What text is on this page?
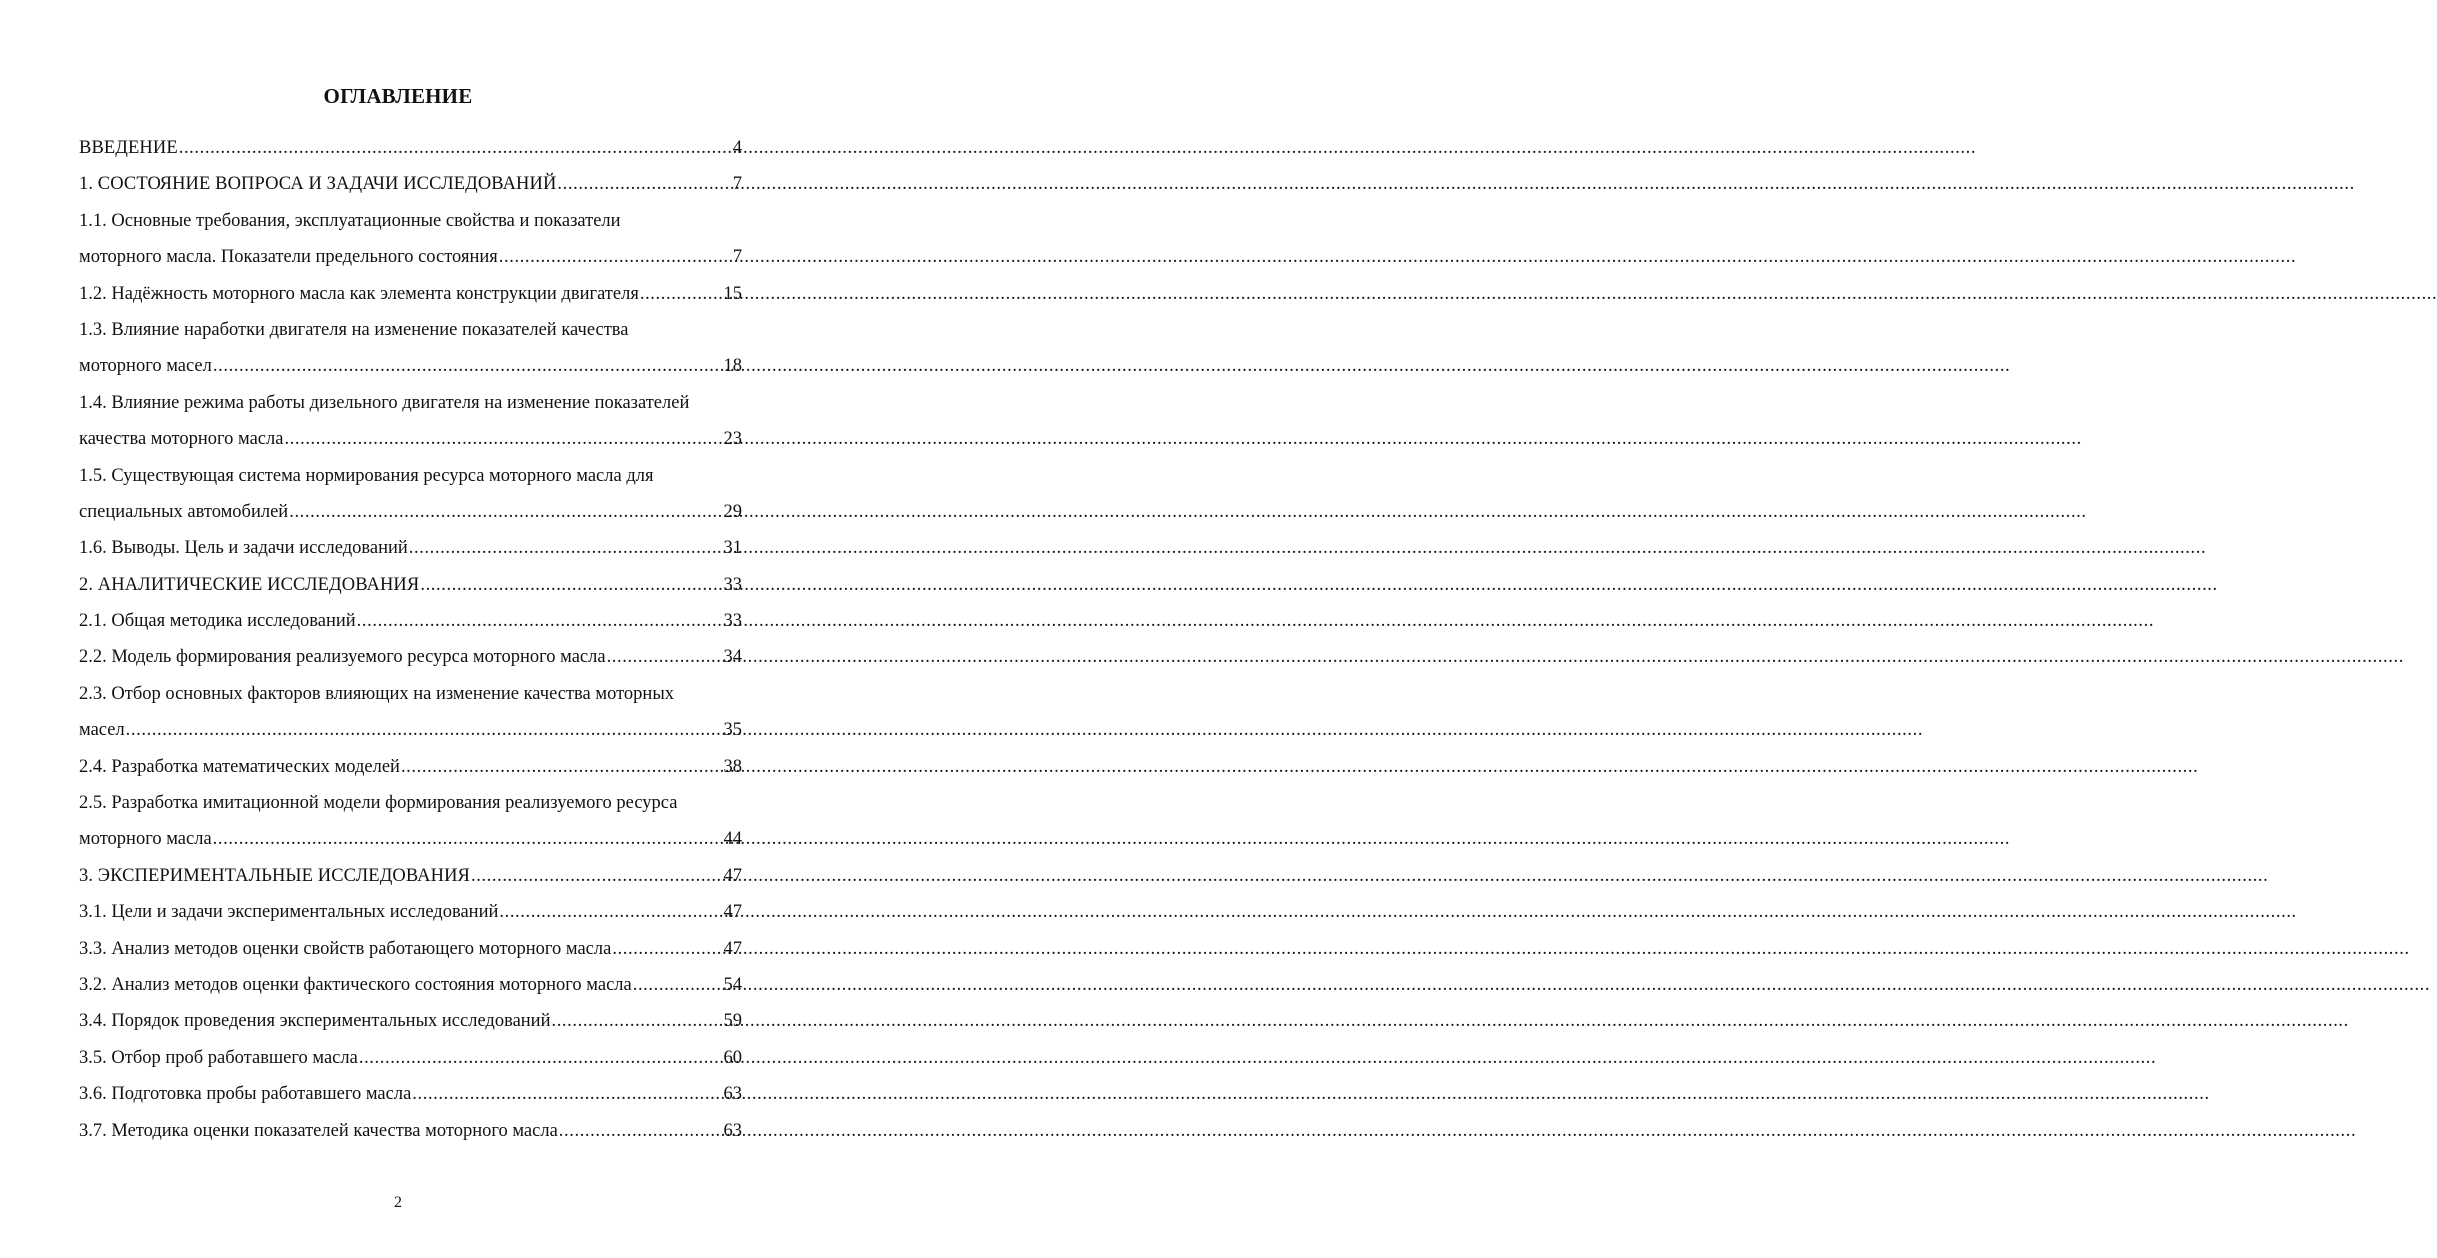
ОГЛАВЛЕНИЕ
ВВЕДЕНИЕ .....	4
1. СОСТОЯНИЕ ВОПРОСА И ЗАДАЧИ ИССЛЕДОВАНИЙ .....	7
1.1. Основные требования, эксплуатационные свойства и показатели
моторного масла. Показатели предельного состояния .....	7
1.2. Надёжность моторного масла как элемента конструкции двигателя .....	15
1.3. Влияние наработки двигателя на изменение показателей качества
моторного масел .....	18
1.4. Влияние режима работы дизельного двигателя на изменение показателей
качества моторного масла .....	23
1.5. Существующая система нормирования ресурса моторного масла для
специальных автомобилей .....	29
1.6. Выводы. Цель и задачи исследований .....	31
2. АНАЛИТИЧЕСКИЕ ИССЛЕДОВАНИЯ .....	33
2.1. Общая методика исследований .....	33
2.2. Модель формирования реализуемого ресурса моторного масла .....	34
2.3. Отбор основных факторов влияющих на изменение качества моторных
масел .....	35
2.4. Разработка математических моделей .....	38
2.5. Разработка имитационной модели формирования реализуемого ресурса
моторного масла .....	44
3. ЭКСПЕРИМЕНТАЛЬНЫЕ ИССЛЕДОВАНИЯ .....	47
3.1. Цели и задачи экспериментальных исследований .....	47
3.3. Анализ методов оценки свойств работающего моторного масла .....	47
3.2. Анализ методов оценки фактического состояния моторного масла .....	54
3.4. Порядок проведения экспериментальных исследований .....	59
3.5. Отбор проб работавшего масла .....	60
3.6. Подготовка пробы работавшего масла .....	63
3.7. Методика оценки показателей качества моторного масла .....	63
2
